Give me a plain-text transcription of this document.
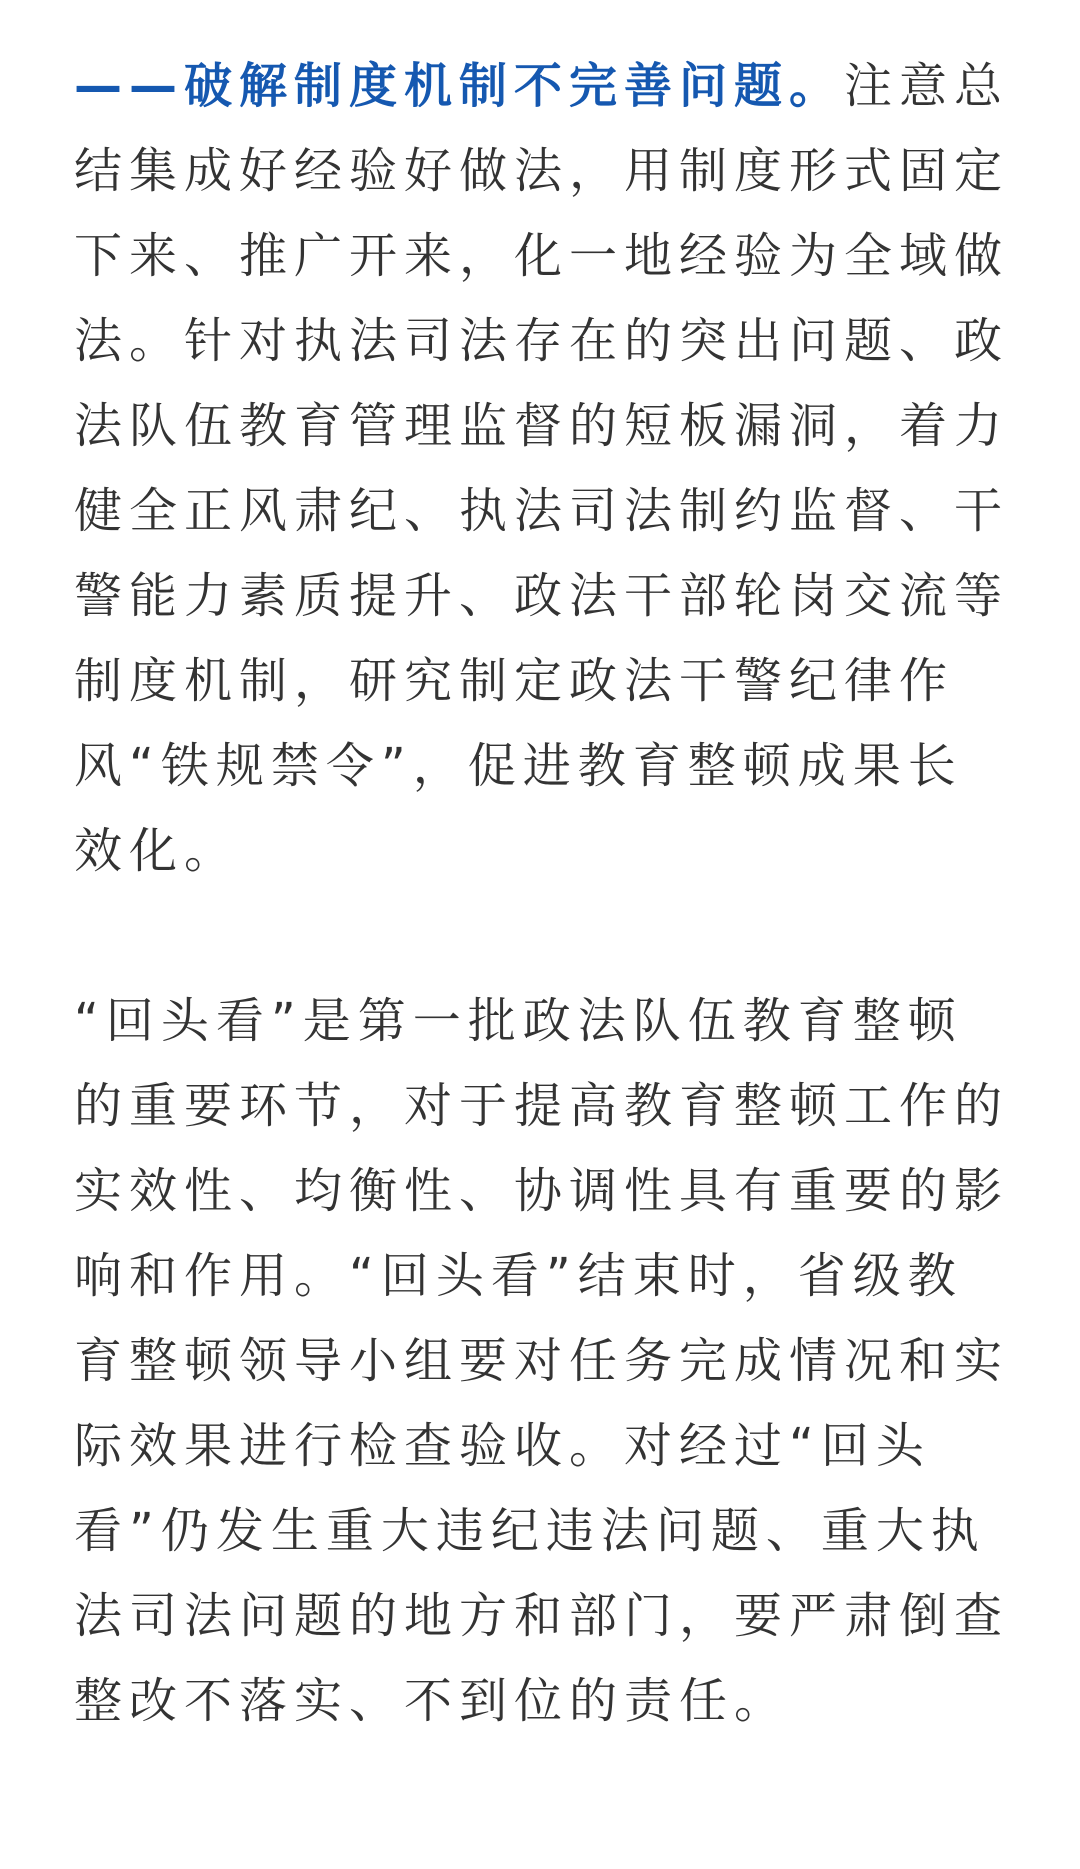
——破解制度机制不完善问题。注意总结集成好经验好做法，用制度形式固定下来、推广开来，化一地经验为全域做法。针对执法司法存在的突出问题、政法队伍教育管理监督的短板漏洞，着力健全正风肃纪、执法司法制约监督、干警能力素质提升、政法干部轮岗交流等制度机制，研究制定政法干警纪律作风“铁规禁令”，促进教育整顿成果长效化。

“回头看”是第一批政法队伍教育整顿的重要环节，对于提高教育整顿工作的实效性、均衡性、协调性具有重要的影响和作用。“回头看”结束时，省级教育整顿领导小组要对任务完成情况和实际效果进行检查验收。对经过“回头看”仍发生重大违纪违法问题、重大执法司法问题的地方和部门，要严肃倒查整改不落实、不到位的责任。
